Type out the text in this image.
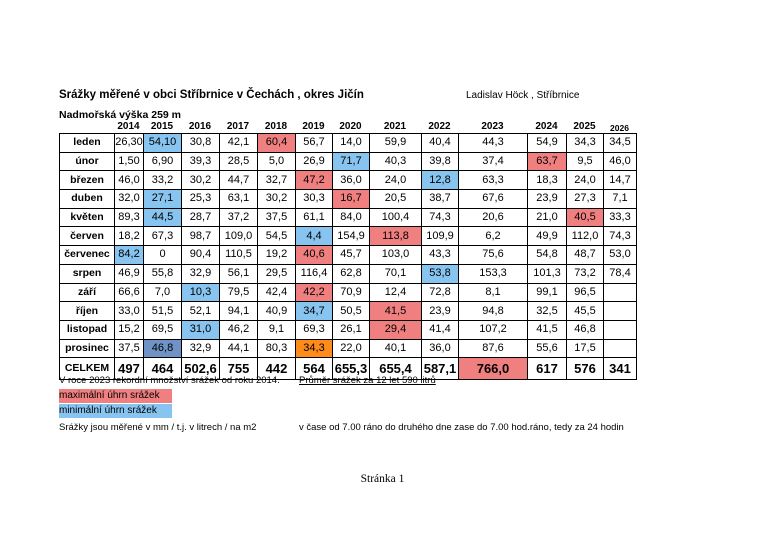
Srážky měřené v obci Stříbrnice v Čechách , okres Jičín	Ladislav Höck , Stříbrnice
Nadmořská výška 259 m
2014	2015	2016	2017	2018	2019	2020	2021	2022	2023	2024	2025	2026
leden	26,30	54,10	30,8	42,1	60,4	56,7	14,0	59,9	40,4	44,3	54,9	34,3	34,5
únor	1,50	6,90	39,3	28,5	5,0	26,9	71,7	40,3	39,8	37,4	63,7	9,5	46,0
březen	46,0	33,2	30,2	44,7	32,7	47,2	36,0	24,0	12,8	63,3	18,3	24,0	14,7
duben	32,0	27,1	25,3	63,1	30,2	30,3	16,7	20,5	38,7	67,6	23,9	27,3	7,1
květen	89,3	44,5	28,7	37,2	37,5	61,1	84,0	100,4	74,3	20,6	21,0	40,5	33,3
červen	18,2	67,3	98,7	109,0	54,5	4,4	154,9	113,8	109,9	6,2	49,9	112,0	74,3
červenec	84,2	0	90,4	110,5	19,2	40,6	45,7	103,0	43,3	75,6	54,8	48,7	53,0
srpen	46,9	55,8	32,9	56,1	29,5	116,4	62,8	70,1	53,8	153,3	101,3	73,2	78,4
září	66,6	7,0	10,3	79,5	42,4	42,2	70,9	12,4	72,8	8,1	99,1	96,5	
říjen	33,0	51,5	52,1	94,1	40,9	34,7	50,5	41,5	23,9	94,8	32,5	45,5	
listopad	15,2	69,5	31,0	46,2	9,1	69,3	26,1	29,4	41,4	107,2	41,5	46,8	
prosinec	37,5	46,8	32,9	44,1	80,3	34,3	22,0	40,1	36,0	87,6	55,6	17,5	
CELKEM	497	464	502,6	755	442	564	655,3	655,4	587,1	766,0	617	576	341
V roce 2023 rekordní množství srážek od roku 2014. Průměr srážek za 12 let 590 litrů
maximální úhrn srážek
minimální úhrn srážek
Srážky jsou měřené v mm / t.j. v litrech / na m2	v čase od 7.00 ráno do druhého dne zase do 7.00 hod.ráno, tedy za 24 hodin
Stránka 1
